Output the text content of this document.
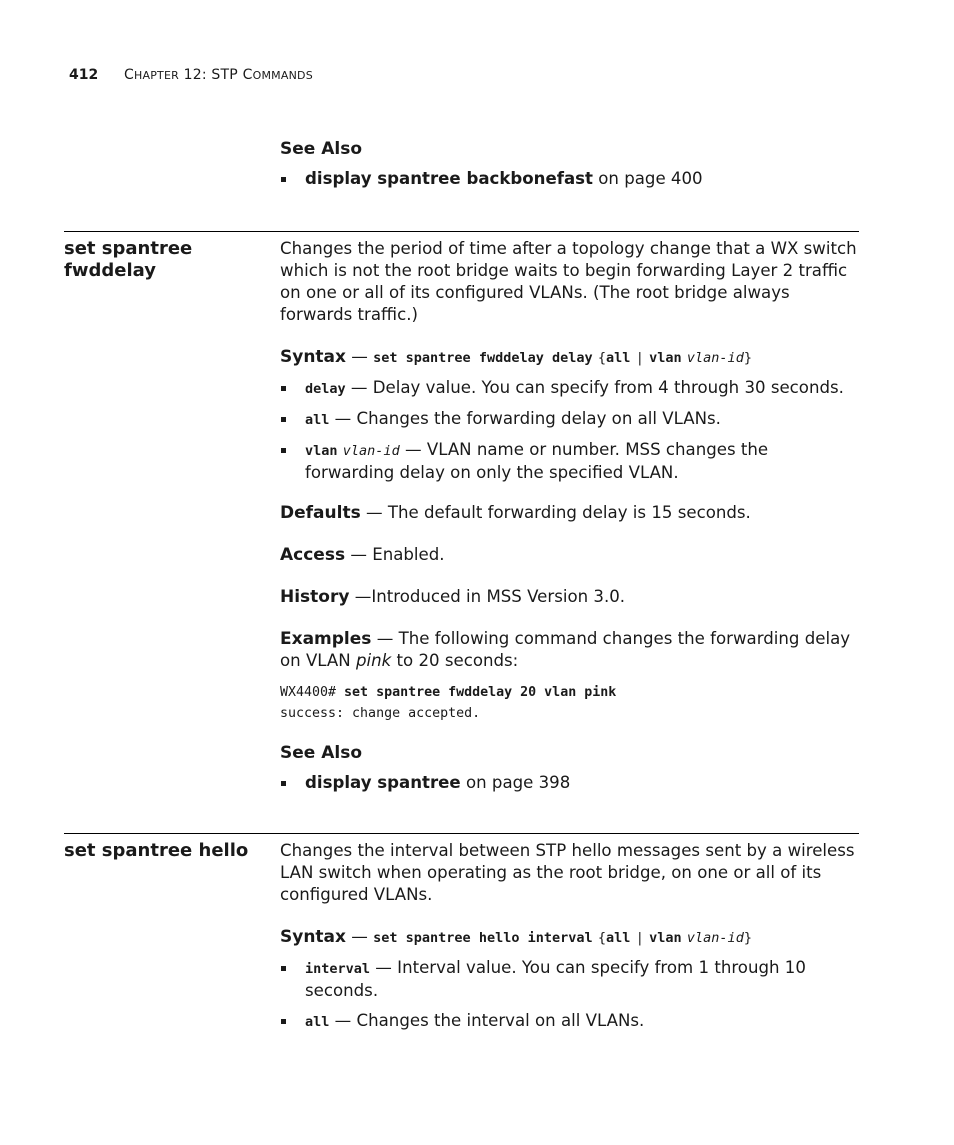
412 CHAPTER 12: STP COMMANDS

See Also

display spantree backbonefast on page 400
set spantree fwddelay

Changes the period of time after a topology change that a WX switch which is not the root bridge waits to begin forwarding Layer 2 traffic on one or all of its configured VLANs. (The root bridge always forwards traffic.)

Syntax — set spantree fwddelay delay {all | vlan vlan-id}

delay — Delay value. You can specify from 4 through 30 seconds.
all — Changes the forwarding delay on all VLANs.
vlan vlan-id — VLAN name or number. MSS changes the forwarding delay on only the specified VLAN.

Defaults — The default forwarding delay is 15 seconds.

Access — Enabled.

History —Introduced in MSS Version 3.0.

Examples — The following command changes the forwarding delay on VLAN pink to 20 seconds:

WX4400# set spantree fwddelay 20 vlan pink
success: change accepted.

See Also

display spantree on page 398
set spantree hello	Changes the interval between STP hello messages sent by a wireless LAN switch when operating as the root bridge, on one or all of its configured VLANs.

Syntax — set spantree hello interval {all | vlan vlan-id}

interval — Interval value. You can specify from 1 through 10 seconds.
all — Changes the interval on all VLANs.
